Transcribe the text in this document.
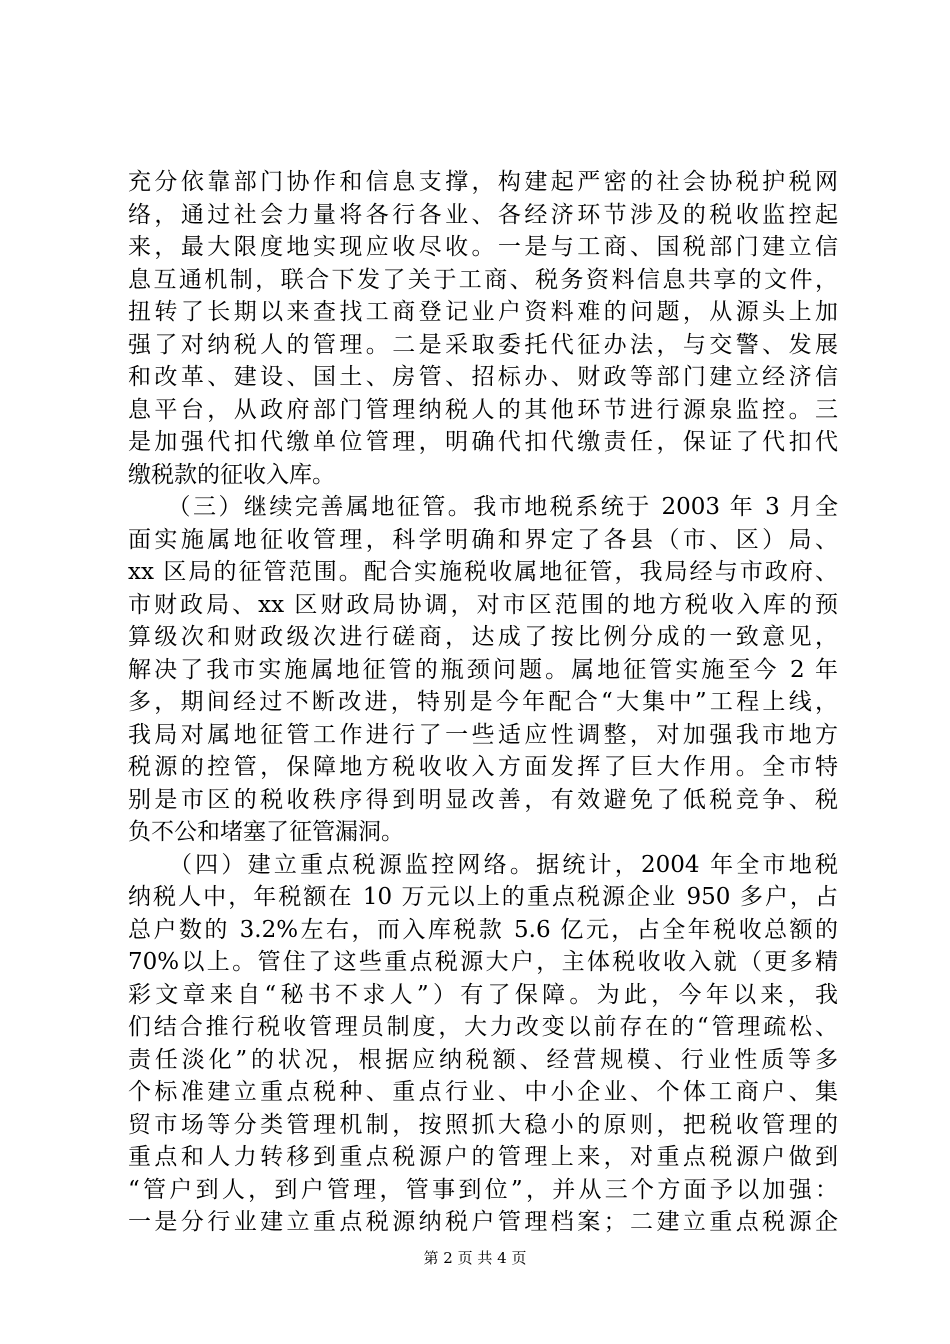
充分依靠部门协作和信息支撑，构建起严密的社会协税护税网
络，通过社会力量将各行各业、各经济环节涉及的税收监控起
来，最大限度地实现应收尽收。一是与工商、国税部门建立信
息互通机制，联合下发了关于工商、税务资料信息共享的文件，
扭转了长期以来查找工商登记业户资料难的问题，从源头上加
强了对纳税人的管理。二是采取委托代征办法，与交警、发展
和改革、建设、国土、房管、招标办、财政等部门建立经济信
息平台，从政府部门管理纳税人的其他环节进行源泉监控。三
是加强代扣代缴单位管理，明确代扣代缴责任，保证了代扣代
缴税款的征收入库。
　　（三）继续完善属地征管。我市地税系统于 2003 年 3 月全
面实施属地征收管理，科学明确和界定了各县（市、区）局、
xx 区局的征管范围。配合实施税收属地征管，我局经与市政府、
市财政局、xx 区财政局协调，对市区范围的地方税收入库的预
算级次和财政级次进行磋商，达成了按比例分成的一致意见，
解决了我市实施属地征管的瓶颈问题。属地征管实施至今 2 年
多，期间经过不断改进，特别是今年配合“大集中”工程上线，
我局对属地征管工作进行了一些适应性调整，对加强我市地方
税源的控管，保障地方税收收入方面发挥了巨大作用。全市特
别是市区的税收秩序得到明显改善，有效避免了低税竞争、税
负不公和堵塞了征管漏洞。
　　（四）建立重点税源监控网络。据统计，2004 年全市地税
纳税人中，年税额在 10 万元以上的重点税源企业 950 多户，占
总户数的 3.2%左右，而入库税款 5.6 亿元，占全年税收总额的
70%以上。管住了这些重点税源大户，主体税收收入就（更多精
彩文章来自“秘书不求人”）有了保障。为此，今年以来，我
们结合推行税收管理员制度，大力改变以前存在的“管理疏松、
责任淡化”的状况，根据应纳税额、经营规模、行业性质等多
个标准建立重点税种、重点行业、中小企业、个体工商户、集
贸市场等分类管理机制，按照抓大稳小的原则，把税收管理的
重点和人力转移到重点税源户的管理上来，对重点税源户做到
“管户到人，到户管理，管事到位”，并从三个方面予以加强：
一是分行业建立重点税源纳税户管理档案；二建立重点税源企
第 2 页 共 4 页
